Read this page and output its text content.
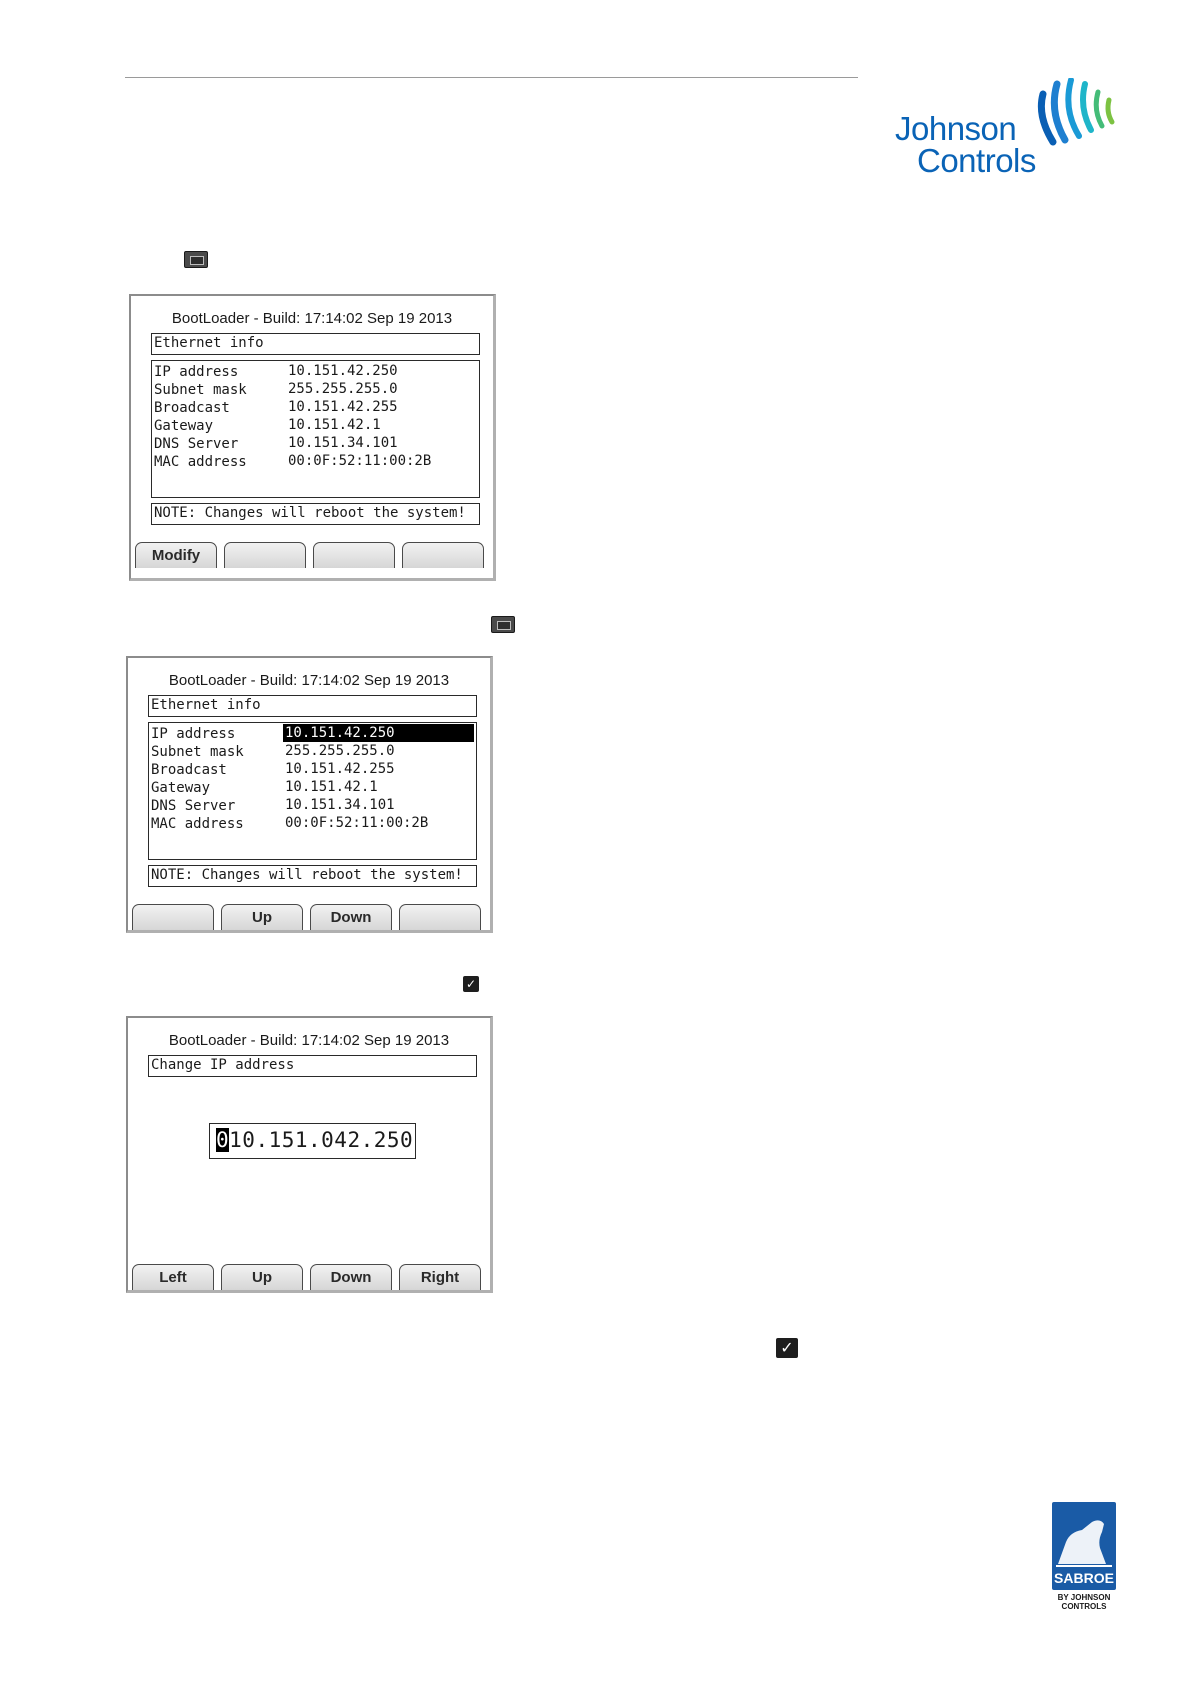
Johnson
Controls
BootLoader - Build: 17:14:02 Sep 19 2013
Ethernet info
IP address	10.151.42.250
Subnet mask	255.255.255.0
Broadcast	10.151.42.255
Gateway	10.151.42.1
DNS Server	10.151.34.101
MAC address	00:0F:52:11:00:2B
NOTE: Changes will reboot the system!
Modify
BootLoader - Build: 17:14:02 Sep 19 2013
Ethernet info
IP address	10.151.42.250
Subnet mask	255.255.255.0
Broadcast	10.151.42.255
Gateway	10.151.42.1
DNS Server	10.151.34.101
MAC address	00:0F:52:11:00:2B
NOTE: Changes will reboot the system!
Up	Down
✓
BootLoader - Build: 17:14:02 Sep 19 2013
Change IP address
010.151.042.250
Left	Up	Down	Right
✓
SABROE
BY JOHNSON
CONTROLS
